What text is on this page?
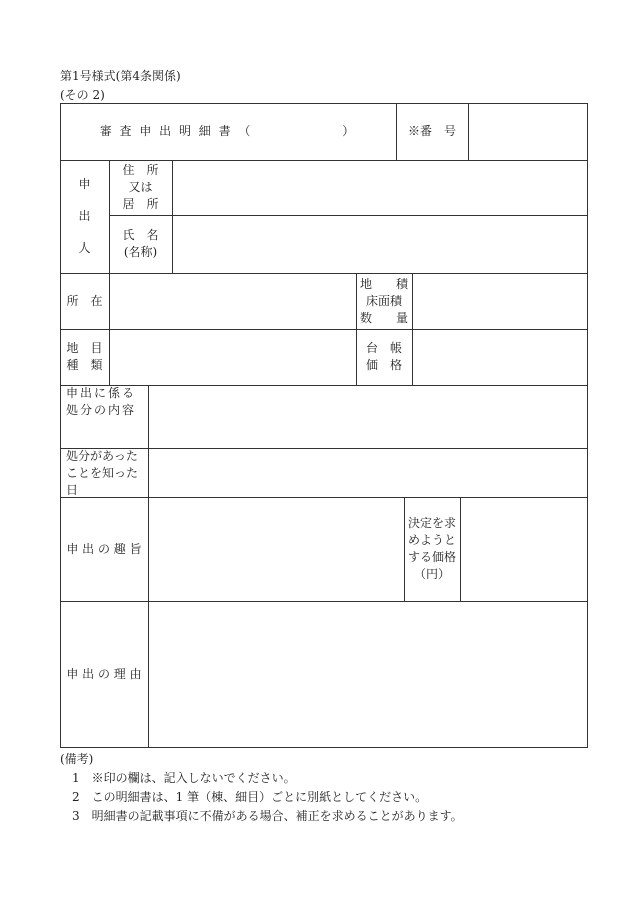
第1号様式(第4条関係)
(その 2)
審 査 申 出 明 細 書 （　　　　　　 ）	※番　号
申
出
人
住　所
又は
居　所
氏　名
(名称)
所　在
地　　積
床面積
数　　量
地　目
種　類
台　帳
価　格
申出に係る
処分の内容
処分があった
ことを知った
日
申 出 の 趣 旨
決定を求
めようと
する価格
（円）
申 出 の 理 由
(備考)
1　※印の欄は、記入しないでください。
2　この明細書は、1 筆（棟、細目）ごとに別紙としてください。
3　明細書の記載事項に不備がある場合、補正を求めることがあります。
